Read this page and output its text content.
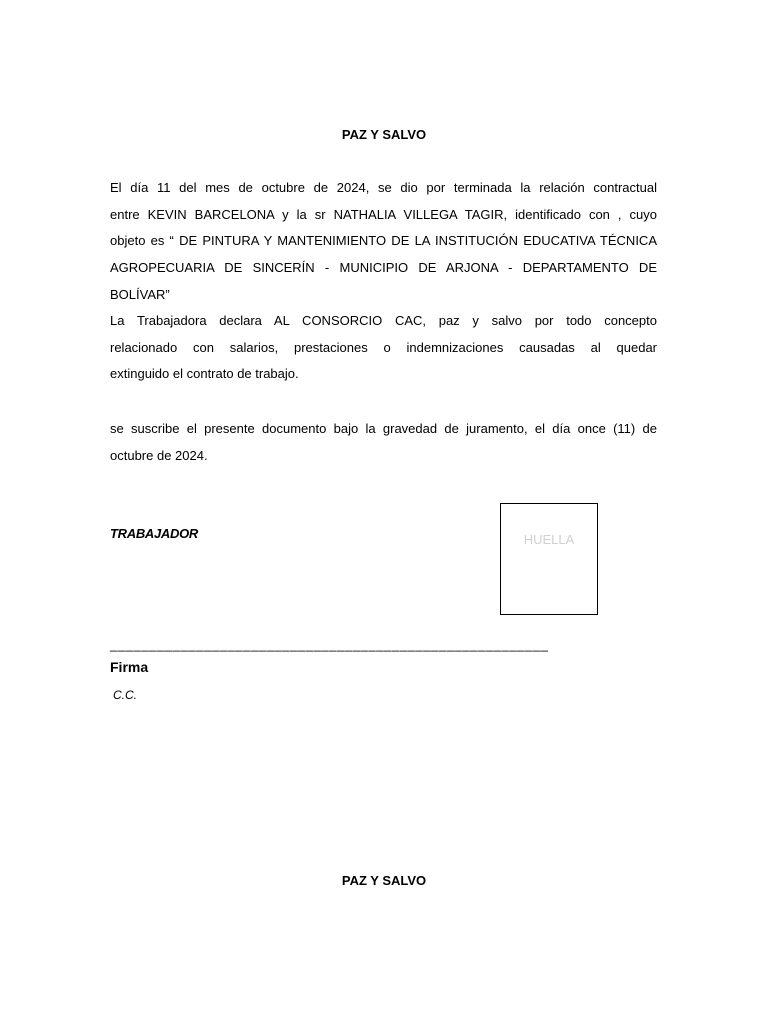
PAZ Y SALVO
El día 11 del mes de octubre de 2024, se dio por terminada la relación contractual
entre KEVIN BARCELONA y la sr NATHALIA VILLEGA TAGIR, identificado con , cuyo
objeto es “ DE PINTURA Y MANTENIMIENTO DE LA INSTITUCIÓN EDUCATIVA TÉCNICA
AGROPECUARIA DE SINCERÍN - MUNICIPIO DE ARJONA - DEPARTAMENTO DE BOLÍVAR”
La Trabajadora declara AL CONSORCIO CAC, paz y salvo por todo concepto
relacionado con salarios, prestaciones o indemnizaciones causadas al quedar
extinguido el contrato de trabajo.
se suscribe el presente documento bajo la gravedad de juramento, el día once (11) de
octubre de 2024.
TRABAJADOR	HUELLA
________________________________________________________
Firma
C.C.
PAZ Y SALVO
